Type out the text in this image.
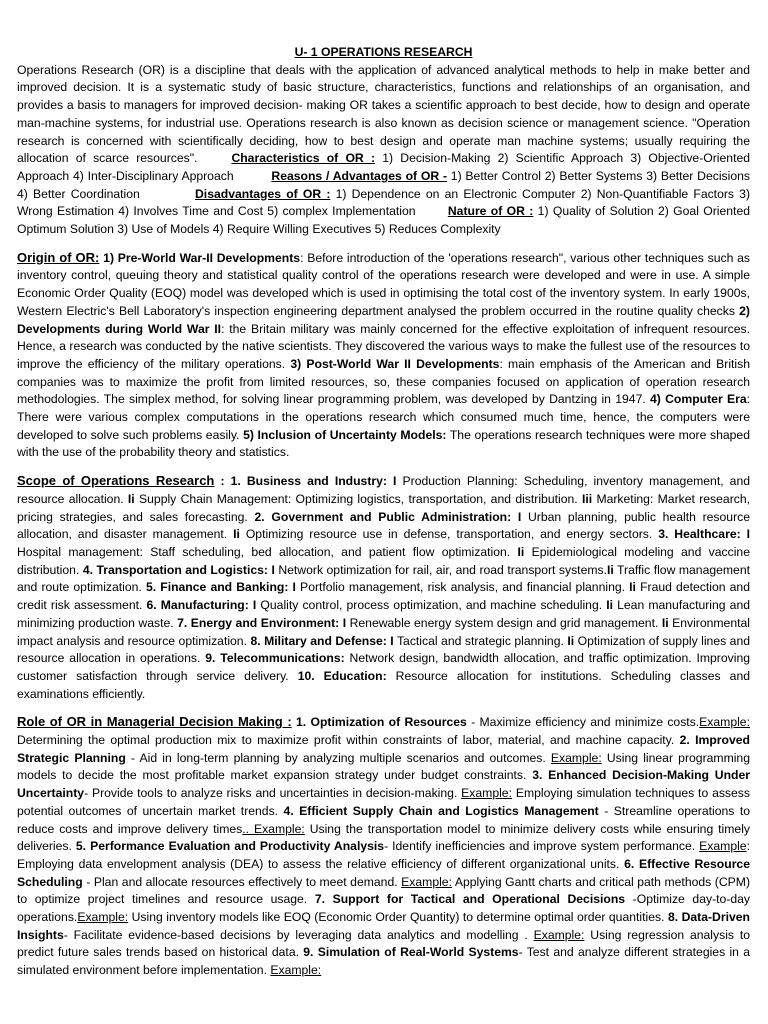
U- 1 OPERATIONS RESEARCH

Operations Research (OR) is a discipline that deals with the application of advanced analytical methods to help in make better and improved decision. It is a systematic study of basic structure, characteristics, functions and relationships of an organisation, and provides a basis to managers for improved decision- making OR takes a scientific approach to best decide, how to design and operate man-machine systems, for industrial use. Operations research is also known as decision science or management science. "Operation research is concerned with scientifically deciding, how to best design and operate man machine systems; usually requiring the allocation of scarce resources".	Characteristics of OR : 1) Decision-Making 2) Scientific Approach 3) Objective-Oriented Approach 4) Inter-Disciplinary Approach	Reasons / Advantages of OR - 1) Better Control 2) Better Systems 3) Better Decisions 4) Better Coordination	Disadvantages of OR : 1) Dependence on an Electronic Computer 2) Non-Quantifiable Factors 3) Wrong Estimation 4) Involves Time and Cost 5) complex Implementation Nature of OR : 1) Quality of Solution 2) Goal Oriented Optimum Solution 3) Use of Models 4) Require Willing Executives 5) Reduces Complexity

Origin of OR: 1) Pre-World War-II Developments: Before introduction of the 'operations research", various other techniques such as inventory control, queuing theory and statistical quality control of the operations research were developed and were in use. A simple Economic Order Quality (EOQ) model was developed which is used in optimising the total cost of the inventory system. In early 1900s, Western Electric's Bell Laboratory's inspection engineering department analysed the problem occurred in the routine quality checks 2) Developments during World War II: the Britain military was mainly concerned for the effective exploitation of infrequent resources. Hence, a research was conducted by the native scientists. They discovered the various ways to make the fullest use of the resources to improve the efficiency of the military operations. 3) Post-World War II Developments: main emphasis of the American and British companies was to maximize the profit from limited resources, so, these companies focused on application of operation research methodologies. The simplex method, for solving linear programming problem, was developed by Dantzing in 1947. 4) Computer Era: There were various complex computations in the operations research which consumed much time, hence, the computers were developed to solve such problems easily. 5) Inclusion of Uncertainty Models: The operations research techniques were more shaped with the use of the probability theory and statistics.

Scope of Operations Research : 1. Business and Industry: I Production Planning: Scheduling, inventory management, and resource allocation. Ii Supply Chain Management: Optimizing logistics, transportation, and distribution. Iii Marketing: Market research, pricing strategies, and sales forecasting. 2. Government and Public Administration: I Urban planning, public health resource allocation, and disaster management. Ii Optimizing resource use in defense, transportation, and energy sectors. 3. Healthcare: I Hospital management: Staff scheduling, bed allocation, and patient flow optimization. Ii Epidemiological modeling and vaccine distribution. 4. Transportation and Logistics: I Network optimization for rail, air, and road transport systems.Ii Traffic flow management and route optimization. 5. Finance and Banking: I Portfolio management, risk analysis, and financial planning. Ii Fraud detection and credit risk assessment. 6. Manufacturing: I Quality control, process optimization, and machine scheduling. Ii Lean manufacturing and minimizing production waste. 7. Energy and Environment: I Renewable energy system design and grid management. Ii Environmental impact analysis and resource optimization. 8. Military and Defense: I Tactical and strategic planning. Ii Optimization of supply lines and resource allocation in operations. 9. Telecommunications: Network design, bandwidth allocation, and traffic optimization. Improving customer satisfaction through service delivery. 10. Education: Resource allocation for institutions. Scheduling classes and examinations efficiently.

Role of OR in Managerial Decision Making : 1. Optimization of Resources - Maximize efficiency and minimize costs.Example: Determining the optimal production mix to maximize profit within constraints of labor, material, and machine capacity. 2. Improved Strategic Planning - Aid in long-term planning by analyzing multiple scenarios and outcomes. Example: Using linear programming models to decide the most profitable market expansion strategy under budget constraints. 3. Enhanced Decision-Making Under Uncertainty- Provide tools to analyze risks and uncertainties in decision-making. Example: Employing simulation techniques to assess potential outcomes of uncertain market trends. 4. Efficient Supply Chain and Logistics Management - Streamline operations to reduce costs and improve delivery times.. Example: Using the transportation model to minimize delivery costs while ensuring timely deliveries. 5. Performance Evaluation and Productivity Analysis- Identify inefficiencies and improve system performance. Example: Employing data envelopment analysis (DEA) to assess the relative efficiency of different organizational units. 6. Effective Resource Scheduling - Plan and allocate resources effectively to meet demand. Example: Applying Gantt charts and critical path methods (CPM) to optimize project timelines and resource usage. 7. Support for Tactical and Operational Decisions -Optimize day-to-day operations.Example: Using inventory models like EOQ (Economic Order Quantity) to determine optimal order quantities. 8. Data-Driven Insights- Facilitate evidence-based decisions by leveraging data analytics and modelling . Example: Using regression analysis to predict future sales trends based on historical data. 9. Simulation of Real-World Systems- Test and analyze different strategies in a simulated environment before implementation. Example:
